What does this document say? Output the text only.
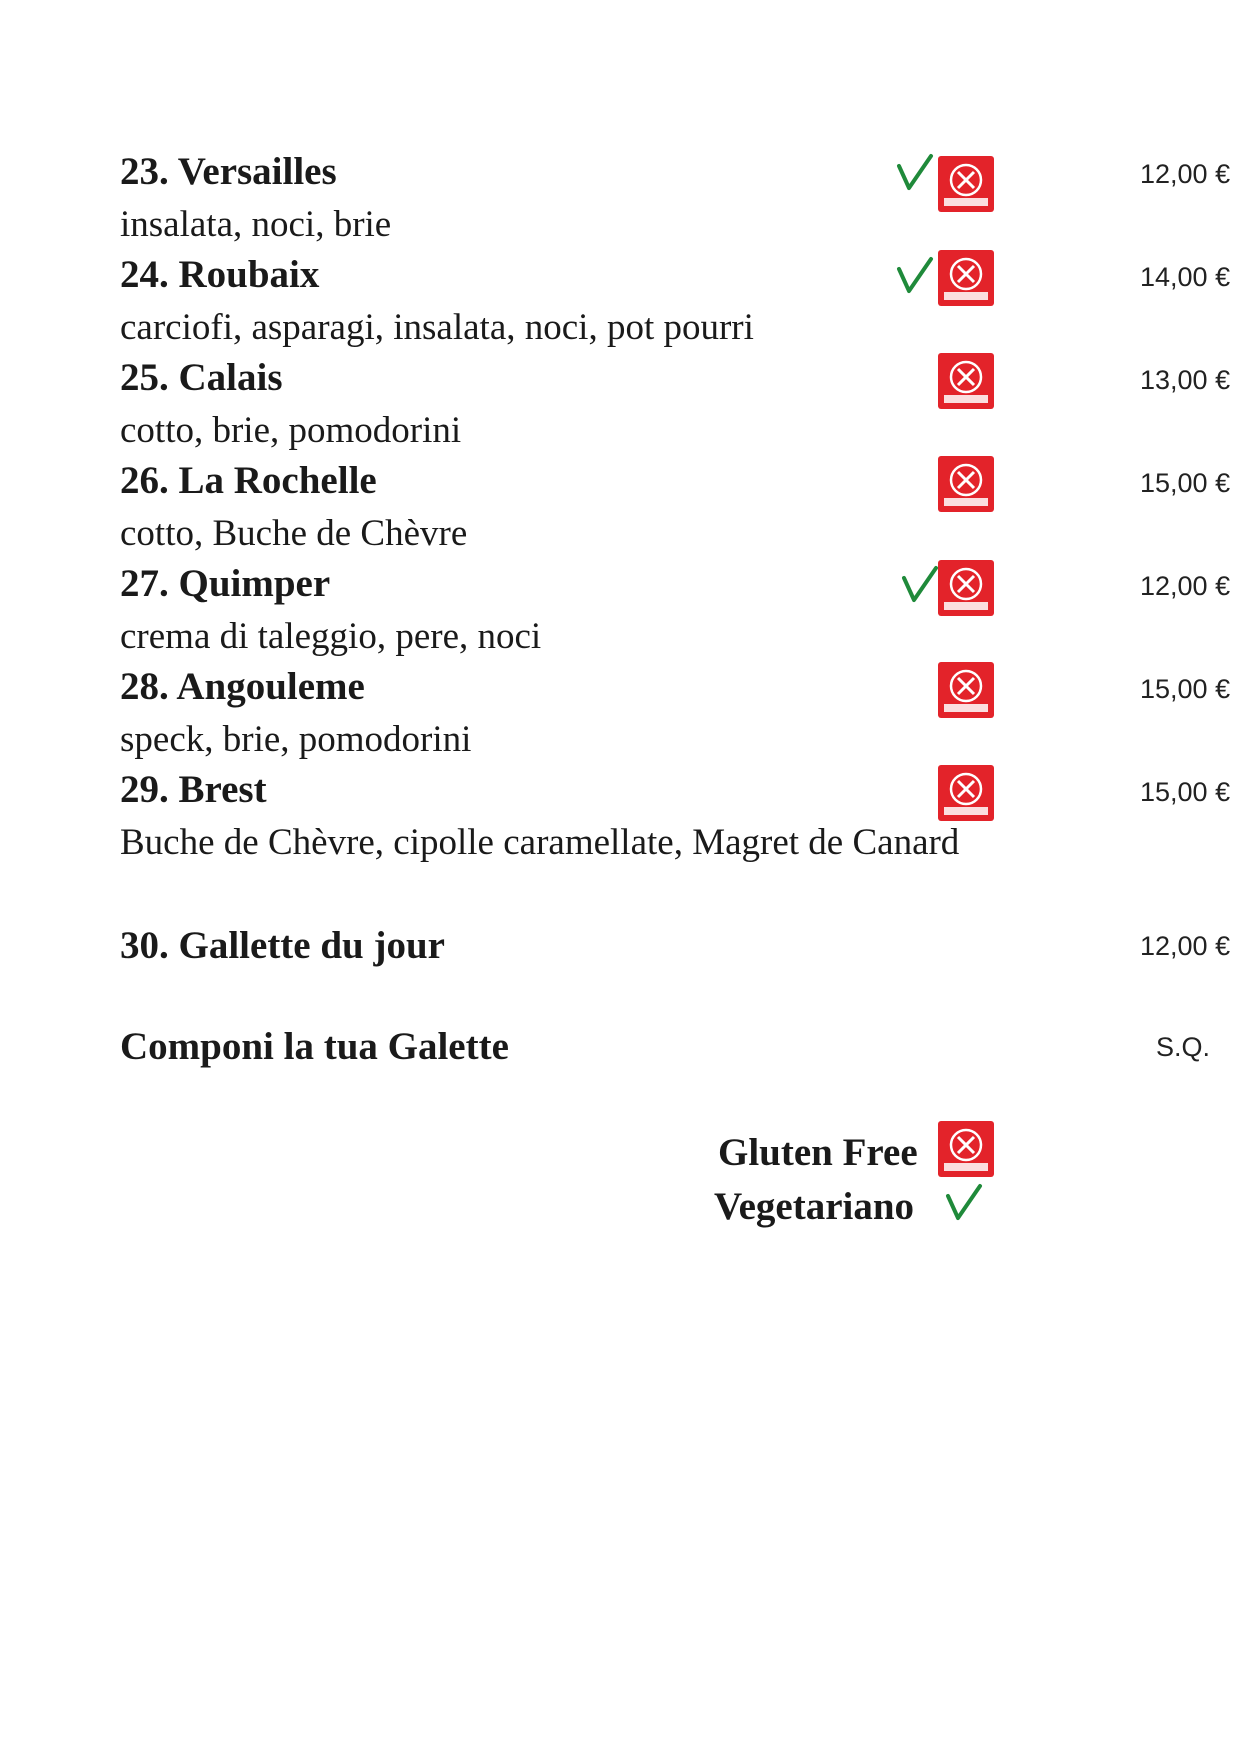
23. Versailles
insalata, noci, brie
12,00 €
24. Roubaix
carciofi, asparagi, insalata, noci, pot pourri
14,00 €
25. Calais
cotto, brie, pomodorini
13,00 €
26. La Rochelle
cotto, Buche de Chèvre
15,00 €
27. Quimper
crema di taleggio, pere, noci
12,00 €
28. Angouleme
speck, brie, pomodorini
15,00 €
29. Brest
Buche de Chèvre, cipolle caramellate, Magret de Canard
15,00 €
30. Gallette du jour	12,00 €
Componi la tua Galette	S.Q.
Gluten Free
Vegetariano
